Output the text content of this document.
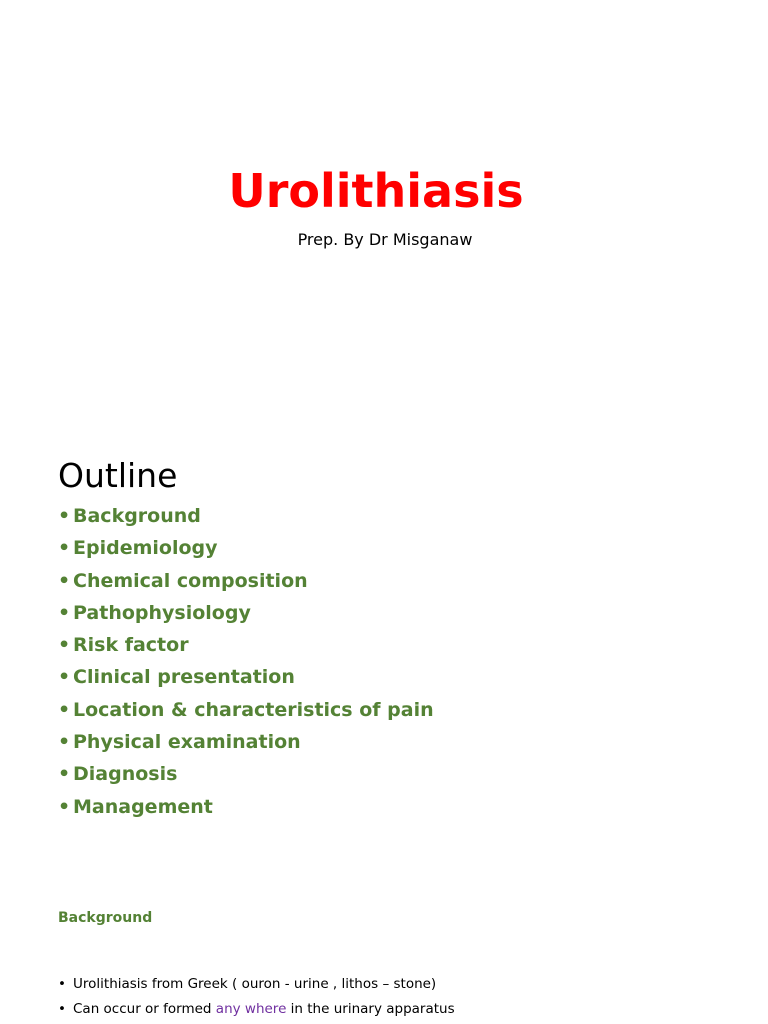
Urolithiasis

Prep. By Dr Misganaw

Outline
• Background
• Epidemiology
• Chemical composition
• Pathophysiology
• Risk factor
• Clinical presentation
• Location & characteristics of pain
• Physical examination
• Diagnosis
• Management
Background
• Urolithiasis from Greek ( ouron - urine , lithos – stone)
• Can occur or formed any where in the urinary apparatus
